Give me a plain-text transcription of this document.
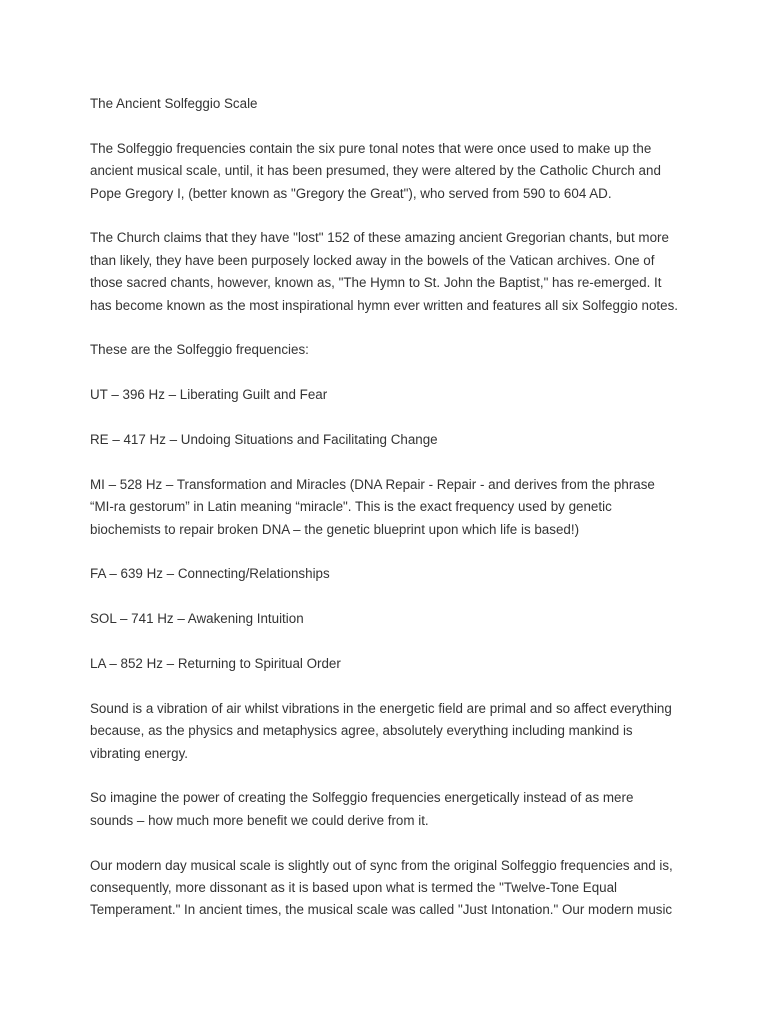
The Ancient Solfeggio Scale

The Solfeggio frequencies contain the six pure tonal notes that were once used to make up the ancient musical scale, until, it has been presumed, they were altered by the Catholic Church and Pope Gregory I, (better known as "Gregory the Great"), who served from 590 to 604 AD.

The Church claims that they have "lost" 152 of these amazing ancient Gregorian chants, but more than likely, they have been purposely locked away in the bowels of the Vatican archives. One of those sacred chants, however, known as, "The Hymn to St. John the Baptist," has re-emerged. It has become known as the most inspirational hymn ever written and features all six Solfeggio notes.

These are the Solfeggio frequencies:

UT – 396 Hz – Liberating Guilt and Fear

RE – 417 Hz – Undoing Situations and Facilitating Change

MI – 528 Hz – Transformation and Miracles (DNA Repair - Repair - and derives from the phrase “MI-ra gestorum” in Latin meaning “miracle". This is the exact frequency used by genetic biochemists to repair broken DNA – the genetic blueprint upon which life is based!)

FA – 639 Hz – Connecting/Relationships

SOL – 741 Hz – Awakening Intuition

LA – 852 Hz – Returning to Spiritual Order

Sound is a vibration of air whilst vibrations in the energetic field are primal and so affect everything because, as the physics and metaphysics agree, absolutely everything including mankind is vibrating energy.

So imagine the power of creating the Solfeggio frequencies energetically instead of as mere sounds – how much more benefit we could derive from it.

Our modern day musical scale is slightly out of sync from the original Solfeggio frequencies and is, consequently, more dissonant as it is based upon what is termed the "Twelve-Tone Equal Temperament." In ancient times, the musical scale was called "Just Intonation." Our modern music
